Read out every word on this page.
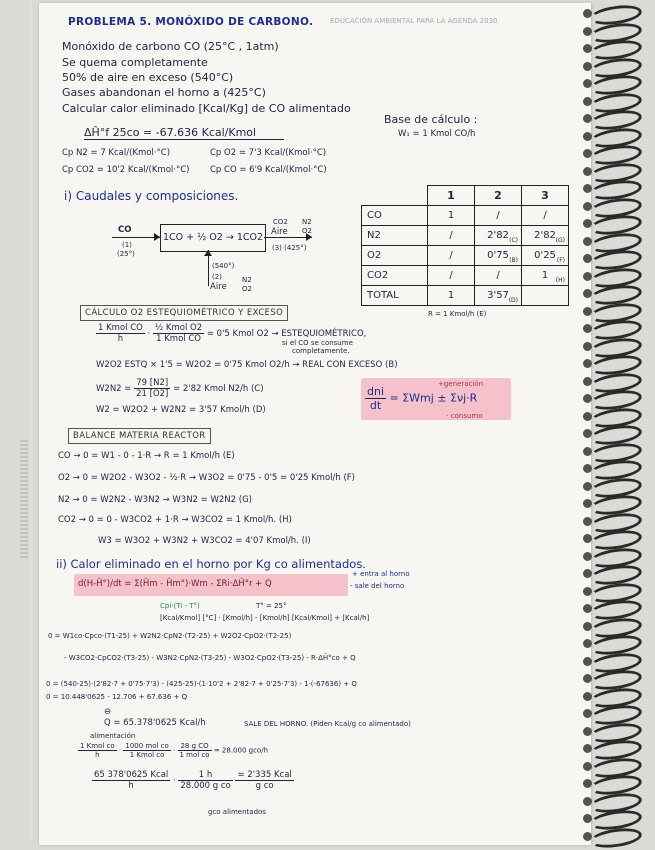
PROBLEMA 5. MONÓXIDO DE CARBONO. EDUCACIÓN AMBIENTAL PARA LA AGENDA 2030
Monóxido de carbono CO (25°C , 1atm)
Se quema completamente
50% de aire en exceso (540°C)
Gases abandonan el horno a (425°C)
Calcular calor eliminado [Kcal/Kg] de CO alimentado
Base de cálculo :
W₁ = 1 Kmol CO/h
ΔĤ°f 25co = -67.636 Kcal/Kmol
Cp N2 = 7 Kcal/(Kmol·°C)	Cp O2 = 7'3 Kcal/(Kmol·°C)
Cp CO2 = 10'2 Kcal/(Kmol·°C) Cp CO = 6'9 Kcal/(Kmol·°C)
i) Caudales y composiciones.
1CO + ½ O2 → 1CO2
CO
(1)
(25°)
CO2
Aire
N2
O2
(3) (425°)
(540°)
(2)
Aire
N2
O2
	1	2	3
CO	1	/	/
N2	/	2'82 (C)	2'82 (G)

O2	/	0'75 (B)	0'25 (F)

CO2	/	/	1 (H)

TOTAL	1	3'57 (D)	

R = 1 Kmol/h (E)
CÁLCULO O2 ESTEQUIOMÉTRICO Y EXCESO
$\frac{\text{1 Kmol CO}}{h} \cdot \frac{\text{½ Kmol O2}}{\text{1 Kmol CO}} = 0'5$ Kmol O2 → ESTEQUIOMÉTRICO,
si el CO se consume
completamente.
W2O2 ESTQ × 1'5 = W2O2 = 0'75 Kmol O2/h → REAL CON EXCESO (B)
$W2N2 = \frac{79 [N2]}{21 [O2]} = 2'82$ Kmol N2/h (C)
W2 = W2O2 + W2N2 = 3'57 Kmol/h (D)	$\frac{\text{dni}}{dt} = \Sigma Wmj \pm \Sigma\nu j\cdot R$
+generación
- consumo
BALANCE MATERIA REACTOR
CO → 0 = W1 - 0 - 1·R → R = 1 Kmol/h (E)
O2 → 0 = W2O2 - W3O2 - ½·R → W3O2 = 0'75 - 0'5 = 0'25 Kmol/h (F)
N2 → 0 = W2N2 - W3N2 → W3N2 = W2N2 (G)
CO2 → 0 = 0 - W3CO2 + 1·R → W3CO2 = 1 Kmol/h. (H)
W3 = W3O2 + W3N2 + W3CO2 = 4'07 Kmol/h. (I)
ii) Calor eliminado en el horno por Kg co alimentados.
d(H-Ĥ°)/dt = Σ(Ĥm - Ĥm°)·Wm - ΣRi·ΔĤ°r + Q
+ entra al horno
- sale del horno
Cpi·(Ti - T°)	T° = 25°
[Kcal/Kmol] [°C] · [Kmol/h] - [Kmol/h] [Kcal/Kmol] + [Kcal/h]
0 = W1co·Cpco·(T1-25) + W2N2·CpN2·(T2-25) + W2O2·CpO2·(T2-25)
- W3CO2·CpCO2·(T3-25) - W3N2·CpN2·(T3-25) - W3O2·CpO2·(T3-25) - R·ΔĤ°co + Q
0 = (540-25)·(2'82·7 + 0'75·7'3) - (425-25)·(1·10'2 + 2'82·7 + 0'25·7'3) - 1·(-67636) + Q
0 = 10.448'0625 - 12.706 + 67.636 + Q
⊖
Q = 65.378'0625 Kcal/h	SALE DEL HORNO. (Piden Kcal/g co alimentado)
alimentación
$\frac{\text{1 Kmol co}}{h} \cdot \frac{\text{1000 mol co}}{\text{1 Kmol co}} \cdot \frac{\text{28 g CO}}{\text{1 mol co}} = 28.000$ gco/h
$\frac{\text{65 378'0625 Kcal}}{h} \cdot \frac{1 h}{\text{28.000 g co}}$
$\frac{\text{= 2'335 Kcal}}{\text{g co}}$
gco alimentados
